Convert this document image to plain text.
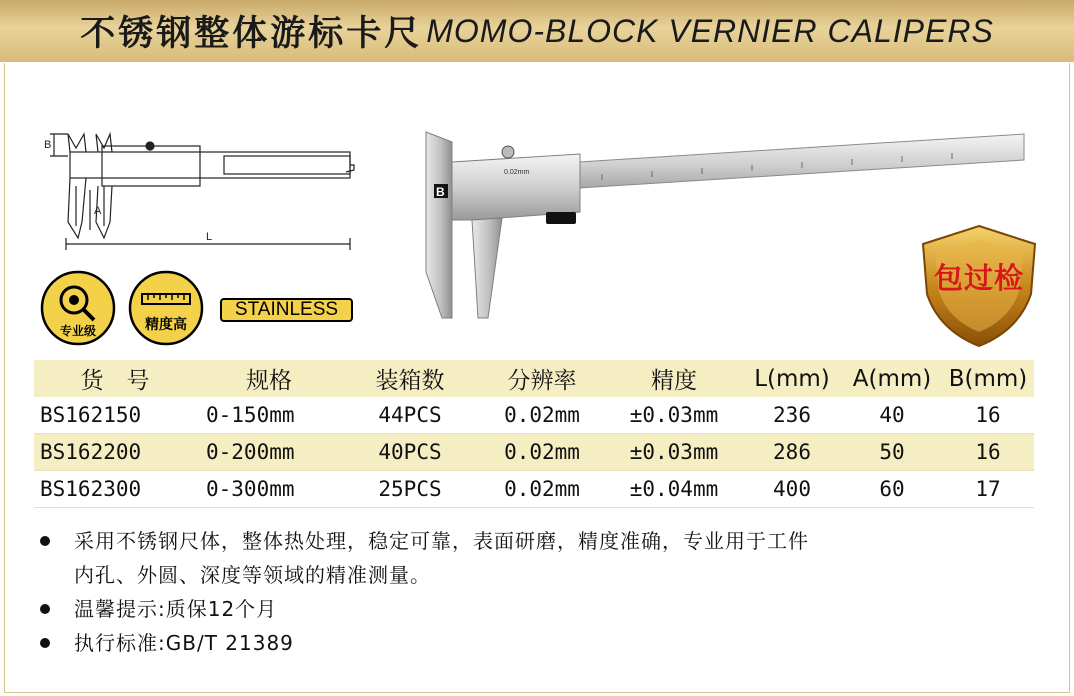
不锈钢整体游标卡尺 MOMO-BLOCK VERNIER CALIPERS
B
A
L
B
0.02mm
专业级	精度高
STAINLESS
包过检
货　号	规格	装箱数	分辨率	精度	L(mm)	A(mm)	B(mm)
BS162150	0-150mm	44PCS	0.02mm	±0.03mm	236	40	16
BS162200	0-200mm	40PCS	0.02mm	±0.03mm	286	50	16
BS162300	0-300mm	25PCS	0.02mm	±0.04mm	400	60	17
采用不锈钢尺体，整体热处理，稳定可靠，表面研磨，精度准确，专业用于工件
内孔、外圆、深度等领域的精准测量。
温馨提示:质保12个月
执行标准:GB/T 21389
